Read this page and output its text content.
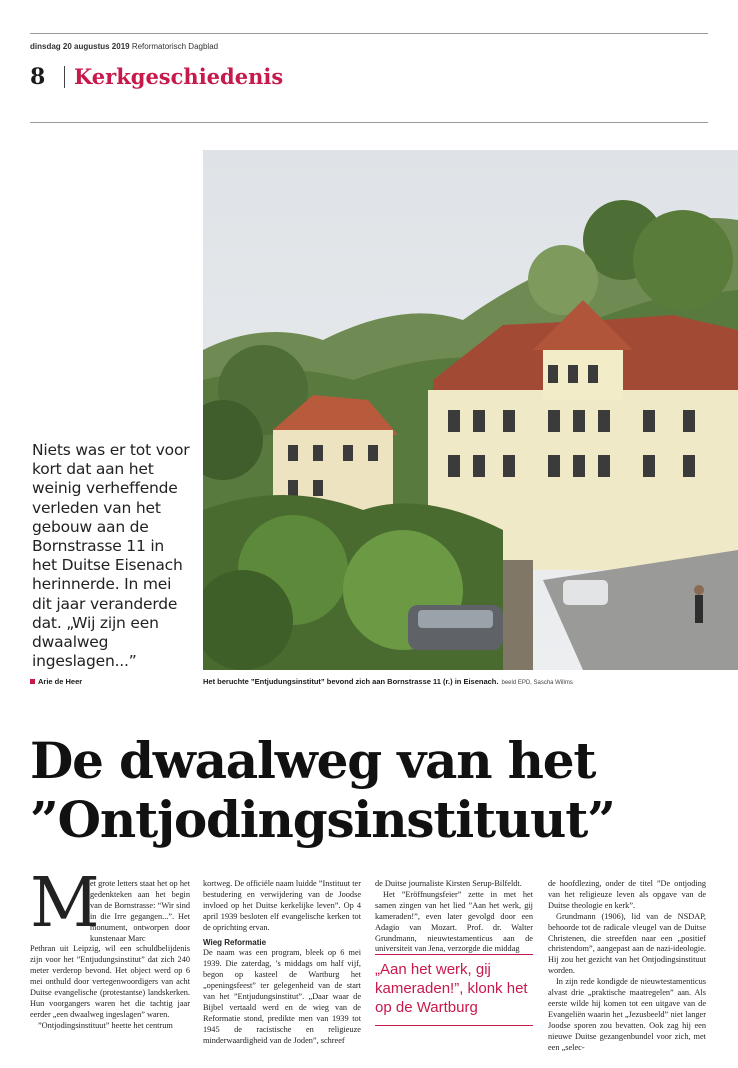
dinsdag 20 augustus 2019 Reformatorisch Dagblad
8 Kerkgeschiedenis
Niets was er tot voor kort dat aan het weinig verheffende verleden van het gebouw aan de Bornstrasse 11 in het Duitse Eisenach herinnerde. In mei dit jaar veranderde dat. „Wij zijn een dwaalweg ingeslagen...”
Arie de Heer	Het beruchte ”Entjudungsinstitut” bevond zich aan Bornstrasse 11 (r.) in Eisenach. beeld EPD, Sascha Willms
De dwaalweg van het
”Ontjodingsinstituut”
M
et grote letters staat het op het gedenkteken aan het begin van de Bornstrasse: “Wir sind in die Irre gegangen...”. Het monument, ontworpen door kunstenaar Marc

Pethran uit Leipzig, wil een schuldbelijdenis zijn voor het ”Entjudungsinstitut” dat zich 240 meter verderop bevond. Het object werd op 6 mei onthuld door vertegenwoordigers van acht Duitse evangelische (protestantse) landskerken. Hun voorgangers waren het die tachtig jaar eerder „een dwaalweg ingeslagen” waren.

”Ontjodingsinstituut” heette het centrum

kortweg. De officiële naam luidde ”Instituut ter bestudering en verwijdering van de Joodse invloed op het Duitse kerkelijke leven”. Op 4 april 1939 besloten elf evangelische kerken tot de oprichting ervan.

Wieg Reformatie

De naam was een program, bleek op 6 mei 1939. Die zaterdag, ’s middags om half vijf, begon op kasteel de Wartburg het „openingsfeest” ter gelegenheid van de start van het ”Entjudungsinstitut”. „Daar waar de Bijbel vertaald werd en de wieg van de Reformatie stond, predikte men van 1939 tot 1945 de racistische en religieuze minderwaardigheid van de Joden”, schreef

de Duitse journaliste Kirsten Serup-Bilfeldt.

Het ”Eröffnungsfeier” zette in met het samen zingen van het lied ”Aan het werk, gij kameraden!”, even later gevolgd door een Adagio van Mozart. Prof. dr. Walter Grundmann, nieuwtestamenticus aan de universiteit van Jena, verzorgde die middag

„Aan het werk, gij kameraden!”, klonk het op de Wartburg

de hoofdlezing, onder de titel ”De ontjoding van het religieuze leven als opgave van de Duitse theologie en kerk”.

Grundmann (1906), lid van de NSDAP, behoorde tot de radicale vleugel van de Duitse Christenen, die streefden naar een „positief christendom”, aangepast aan de nazi-ideologie. Hij zou het gezicht van het Ontjodingsinstituut worden.

In zijn rede kondigde de nieuwtestamenticus alvast drie „praktische maatregelen” aan. Als eerste wilde hij komen tot een uitgave van de Evangeliën waarin het „Jezusbeeld” niet langer Joodse sporen zou bevatten. Ook zag hij een nieuwe Duitse gezangenbundel voor zich, met een „selec-
